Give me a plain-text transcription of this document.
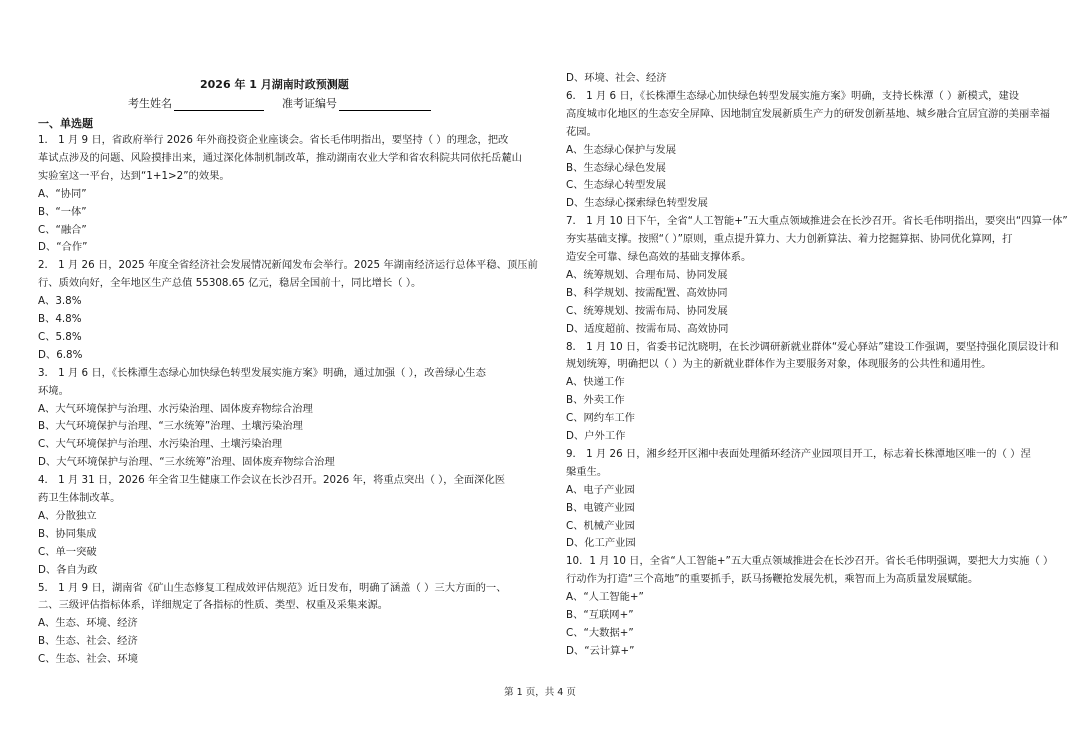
2026 年 1 月湖南时政预测题
考生姓名	准考证编号
一、单选题
1． 1 月 9 日，省政府举行 2026 年外商投资企业座谈会。省长毛伟明指出，要坚持（ ）的理念，把改
革试点涉及的问题、风险摸排出来，通过深化体制机制改革，推动湖南农业大学和省农科院共同依托岳麓山
实验室这一平台，达到“1+1>2”的效果。
A、“协同”
B、“一体”
C、“融合”
D、“合作”
2． 1 月 26 日，2025 年度全省经济社会发展情况新闻发布会举行。2025 年湖南经济运行总体平稳、顶压前
行、质效向好，全年地区生产总值 55308.65 亿元，稳居全国前十，同比增长（ ）。
A、3.8%
B、4.8%
C、5.8%
D、6.8%
3． 1 月 6 日，《长株潭生态绿心加快绿色转型发展实施方案》明确，通过加强（ ），改善绿心生态
环境。
A、大气环境保护与治理、水污染治理、固体废弃物综合治理
B、大气环境保护与治理、“三水统筹”治理、土壤污染治理
C、大气环境保护与治理、水污染治理、土壤污染治理
D、大气环境保护与治理、“三水统筹”治理、固体废弃物综合治理
4． 1 月 31 日，2026 年全省卫生健康工作会议在长沙召开。2026 年，将重点突出（ ），全面深化医
药卫生体制改革。
A、分散独立
B、协同集成
C、单一突破
D、各自为政
5． 1 月 9 日，湖南省《矿山生态修复工程成效评估规范》近日发布，明确了涵盖（ ）三大方面的一、
二、三级评估指标体系，详细规定了各指标的性质、类型、权重及采集来源。
A、生态、环境、经济
B、生态、社会、经济
C、生态、社会、环境
D、环境、社会、经济
6． 1 月 6 日，《长株潭生态绿心加快绿色转型发展实施方案》明确，支持长株潭（ ）新模式，建设
高度城市化地区的生态安全屏障、因地制宜发展新质生产力的研发创新基地、城乡融合宜居宜游的美丽幸福
花园。
A、生态绿心保护与发展
B、生态绿心绿色发展
C、生态绿心转型发展
D、生态绿心探索绿色转型发展
7． 1 月 10 日下午，全省“人工智能+”五大重点领域推进会在长沙召开。省长毛伟明指出，要突出“四算一体”
夯实基础支撑。按照“（ ）”原则，重点提升算力、大力创新算法、着力挖掘算据、协同优化算网，打
造安全可靠、绿色高效的基础支撑体系。
A、统筹规划、合理布局、协同发展
B、科学规划、按需配置、高效协同
C、统筹规划、按需布局、协同发展
D、适度超前、按需布局、高效协同
8． 1 月 10 日，省委书记沈晓明，在长沙调研新就业群体“爱心驿站”建设工作强调，要坚持强化顶层设计和
规划统筹，明确把以（ ）为主的新就业群体作为主要服务对象，体现服务的公共性和通用性。
A、快递工作
B、外卖工作
C、网约车工作
D、户外工作
9． 1 月 26 日，湘乡经开区湘中表面处理循环经济产业园项目开工，标志着长株潭地区唯一的（ ）涅
槃重生。
A、电子产业园
B、电镀产业园
C、机械产业园
D、化工产业园
10．1 月 10 日，全省“人工智能+”五大重点领域推进会在长沙召开。省长毛伟明强调，要把大力实施（ ）
行动作为打造“三个高地”的重要抓手，跃马扬鞭抢发展先机，乘智而上为高质量发展赋能。
A、“人工智能+”
B、“互联网+”
C、“大数据+”
D、“云计算+”
第 1 页，共 4 页
